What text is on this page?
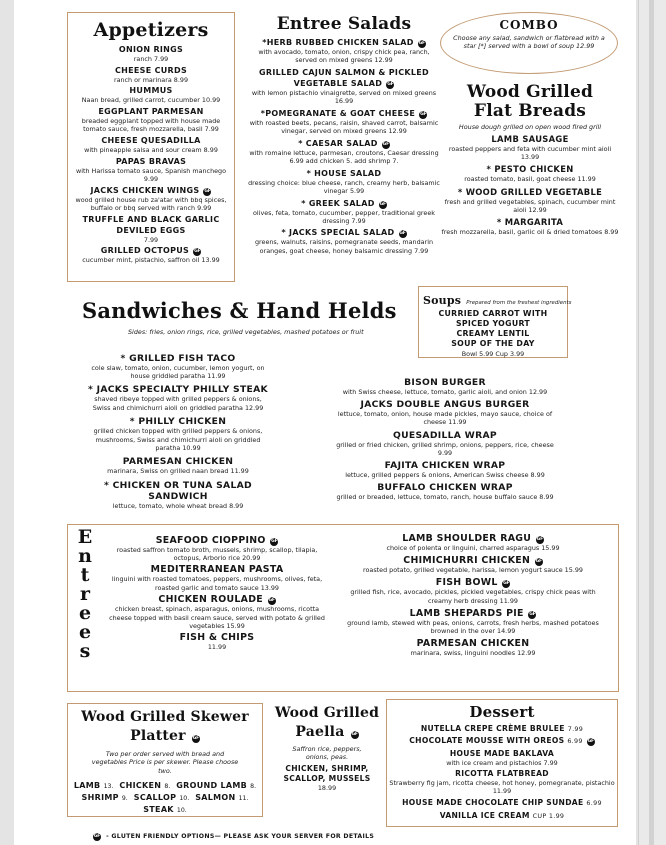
Appetizers
ONION RINGS
ranch 7.99
CHEESE CURDS
ranch or marinara 8.99
HUMMUS
Naan bread, grilled carrot, cucumber 10.99
EGGPLANT PARMESAN
breaded eggplant topped with house made tomato sauce, fresh mozzarella, basil 7.99
CHEESE QUESADILLA
with pineapple salsa and sour cream 8.99
PAPAS BRAVAS
with Harissa tomato sauce, Spanish manchego 9.99
JACKS CHICKEN WINGS GF
wood grilled house rub za'atar with bbq spices, buffalo or bbq served with ranch 9.99
TRUFFLE AND BLACK GARLIC DEVILED EGGS
7.99
GRILLED OCTOPUS GF
cucumber mint, pistachio, saffron oil 13.99
Entree Salads
*HERB RUBBED CHICKEN SALAD GF
with avocado, tomato, onion, crispy chick pea, ranch, served on mixed greens 12.99
GRILLED CAJUN SALMON & PICKLED VEGETABLE SALAD GF
with lemon pistachio vinaigrette, served on mixed greens 16.99
*POMEGRANATE & GOAT CHEESE GF
with roasted beets, pecans, raisin, shaved carrot, balsamic vinegar, served on mixed greens 12.99
* CAESAR SALAD GF
with romaine lettuce, parmesan, croutons, Caesar dressing 6.99 add chicken 5. add shrimp 7.
* HOUSE SALAD
dressing choice: blue cheese, ranch, creamy herb, balsamic vinegar 5.99
* GREEK SALAD GF
olives, feta, tomato, cucumber, pepper, traditional greek dressing 7.99
* JACKS SPECIAL SALAD GF
greens, walnuts, raisins, pomegranate seeds, mandarin oranges, goat cheese, honey balsamic dressing 7.99
COMBO
Choose any salad, sandwich or flatbread with a star [*] served with a bowl of soup 12.99
Wood Grilled
Flat Breads
House dough grilled on open wood fired grill
LAMB SAUSAGE
roasted peppers and feta with cucumber mint aioli 13.99
* PESTO CHICKEN
roasted tomato, basil, goat cheese 11.99
* WOOD GRILLED VEGETABLE
fresh and grilled vegetables, spinach, cucumber mint aioli 12.99
* MARGARITA
fresh mozzarella, basil, garlic oil & dried tomatoes 8.99
Soups Prepared from the freshest ingredients
CURRIED CARROT WITH
SPICED YOGURT
CREAMY LENTIL
SOUP OF THE DAY
Bowl 5.99 Cup 3.99
Sandwiches & Hand Helds
Sides: fries, onion rings, rice, grilled vegetables, mashed potatoes or fruit
* GRILLED FISH TACO
cole slaw, tomato, onion, cucumber, lemon yogurt, on house griddled paratha 11.99
* JACKS SPECIALTY PHILLY STEAK
shaved ribeye topped with grilled peppers & onions, Swiss and chimichurri aioli on griddled paratha 12.99
* PHILLY CHICKEN
grilled chicken topped with grilled peppers & onions, mushrooms, Swiss and chimichurri aioli on griddled paratha 10.99
PARMESAN CHICKEN
marinara, Swiss on grilled naan bread 11.99
* CHICKEN OR TUNA SALAD SANDWICH
lettuce, tomato, whole wheat bread 8.99
BISON BURGER
with Swiss cheese, lettuce, tomato, garlic aioli, and onion 12.99
JACKS DOUBLE ANGUS BURGER
lettuce, tomato, onion, house made pickles, mayo sauce, choice of cheese 11.99
QUESADILLA WRAP
grilled or fried chicken, grilled shrimp, onions, peppers, rice, cheese 9.99
FAJITA CHICKEN WRAP
lettuce, grilled peppers & onions, American Swiss cheese 8.99
BUFFALO CHICKEN WRAP
grilled or breaded, lettuce, tomato, ranch, house buffalo sauce 8.99
E
n
t
r
e
e
s
SEAFOOD CIOPPINO GF
roasted saffron tomato broth, mussels, shrimp, scallop, tilapia, octopus, Arborio rice 20.99
MEDITERRANEAN PASTA
linguini with roasted tomatoes, peppers, mushrooms, olives, feta, roasted garlic and tomato sauce 13.99
CHICKEN ROULADE GF
chicken breast, spinach, asparagus, onions, mushrooms, ricotta cheese topped with basil cream sauce, served with potato & grilled vegetables 15.99
FISH & CHIPS
11.99
LAMB SHOULDER RAGU GF
choice of polenta or linguini, charred asparagus 15.99
CHIMICHURRI CHICKEN GF
roasted potato, grilled vegetable, harissa, lemon yogurt sauce 15.99
FISH BOWL GF
grilled fish, rice, avocado, pickles, pickled vegetables, crispy chick peas with creamy herb dressing 11.99
LAMB SHEPARDS PIE GF
ground lamb, stewed with peas, onions, carrots, fresh herbs, mashed potatoes browned in the over 14.99
PARMESAN CHICKEN
marinara, swiss, linguini noodles 12.99
Wood Grilled Skewer
Platter GF
Two per order served with bread and vegetables Price is per skewer. Please choose two.
LAMB 13. CHICKEN 8. GROUND LAMB 8.
SHRIMP 9. SCALLOP 10. SALMON 11.
STEAK 10.
Wood Grilled
Paella GF
Saffron rice, peppers, onions, peas.
CHICKEN, SHRIMP, SCALLOP, MUSSELS
18.99
Dessert
NUTELLA CREPE CRÈME BRULEE 7.99
CHOCOLATE MOUSSE WITH OREOS 6.99 GF
HOUSE MADE BAKLAVA
with ice cream and pistachios 7.99
RICOTTA FLATBREAD
Strawberry fig jam, ricotta cheese, hot honey, pomegranate, pistachio 11.99
HOUSE MADE CHOCOLATE CHIP SUNDAE 6.99
VANILLA ICE CREAM CUP 1.99
GF - GLUTEN FRIENDLY OPTIONS— PLEASE ASK YOUR SERVER FOR DETAILS
